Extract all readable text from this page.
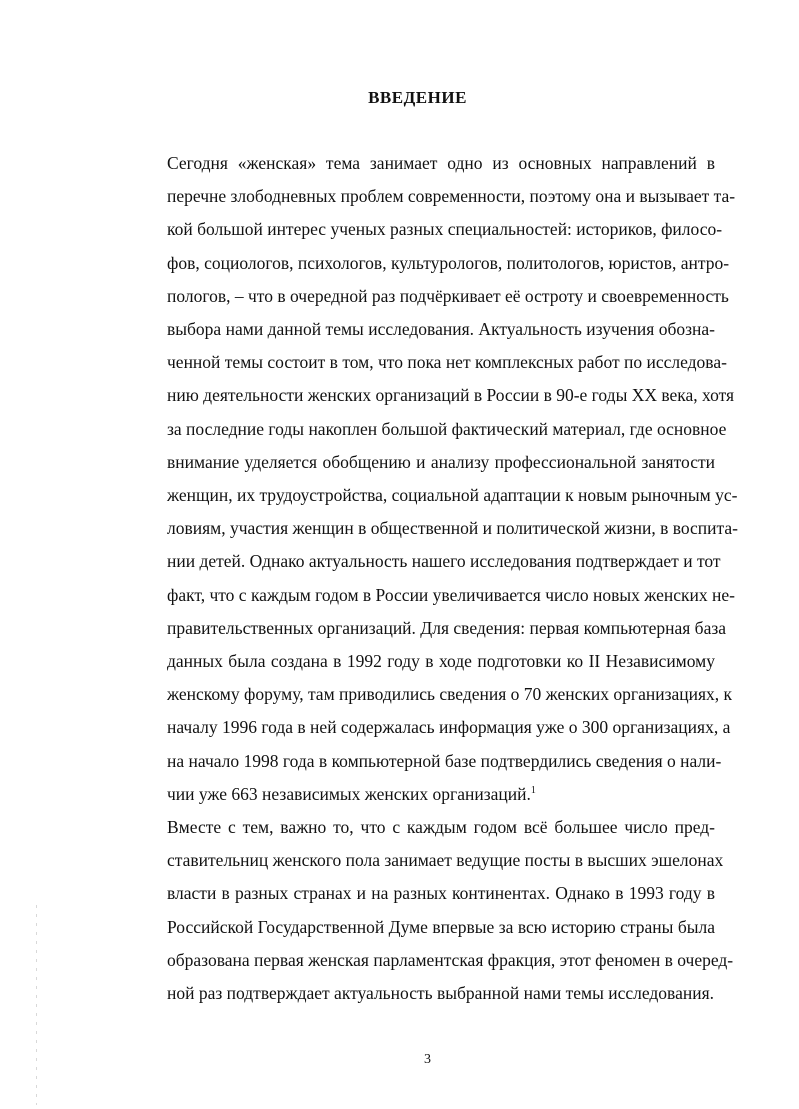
ВВЕДЕНИЕ

Сегодня «женская» тема занимает одно из основных направлений в
перечне злободневных проблем современности, поэтому она и вызывает та-
кой большой интерес ученых разных специальностей: историков, филосо-
фов, социологов, психологов, культурологов, политологов, юристов, антро-
пологов, – что в очередной раз подчёркивает её остроту и своевременность
выбора нами данной темы исследования. Актуальность изучения обозна-
ченной темы состоит в том, что пока нет комплексных работ по исследова-
нию деятельности женских организаций в России в 90-е годы XX века, хотя
за последние годы накоплен большой фактический материал, где основное
внимание уделяется обобщению и анализу профессиональной занятости
женщин, их трудоустройства, социальной адаптации к новым рыночным ус-
ловиям, участия женщин в общественной и политической жизни, в воспита-
нии детей. Однако актуальность нашего исследования подтверждает и тот
факт, что с каждым годом в России увеличивается число новых женских не-
правительственных организаций. Для сведения: первая компьютерная база
данных была создана в 1992 году в ходе подготовки ко II Независимому
женскому форуму, там приводились сведения о 70 женских организациях, к
началу 1996 года в ней содержалась информация уже о 300 организациях, а
на начало 1998 года в компьютерной базе подтвердились сведения о нали-
чии уже 663 независимых женских организаций.$^1$

Вместе с тем, важно то, что с каждым годом всё большее число пред-
ставительниц женского пола занимает ведущие посты в высших эшелонах
власти в разных странах и на разных континентах. Однако в 1993 году в
Российской Государственной Думе впервые за всю историю страны была
образована первая женская парламентская фракция, этот феномен в очеред-
ной раз подтверждает актуальность выбранной нами темы исследования.

3
